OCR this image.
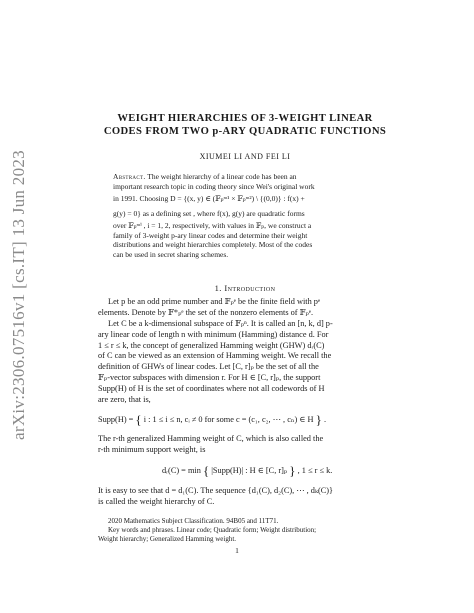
arXiv:2306.07516v1 [cs.IT] 13 Jun 2023
WEIGHT HIERARCHIES OF 3-WEIGHT LINEAR
CODES FROM TWO p-ARY QUADRATIC FUNCTIONS
XIUMEI LI AND FEI LI
Abstract. The weight hierarchy of a linear code has been an
important research topic in coding theory since Wei's original work
in 1991. Choosing D = {(x, y) ∈ (𝔽ₚᵐ¹ × 𝔽ₚᵐ²) \ {(0,0)} : f(x) +
g(y) = 0} as a defining set , where f(x), g(y) are quadratic forms
over 𝔽ₚᵐⁱ , i = 1, 2, respectively, with values in 𝔽ₚ, we construct a
family of 3-weight p-ary linear codes and determine their weight
distributions and weight hierarchies completely. Most of the codes
can be used in secret sharing schemes.
1. Introduction
Let p be an odd prime number and 𝔽ₚᵉ be the finite field with pᵉ
elements. Denote by 𝔽*ₚᵉ the set of the nonzero elements of 𝔽ₚᵉ.
Let C be a k-dimensional subspace of 𝔽ₚⁿ. It is called an [n, k, d] p-
ary linear code of length n with minimum (Hamming) distance d. For
1 ≤ r ≤ k, the concept of generalized Hamming weight (GHW) dᵣ(C)
of C can be viewed as an extension of Hamming weight. We recall the
definition of GHWs of linear codes. Let [C, r]ₚ be the set of all the
𝔽ₚ-vector subspaces with dimension r. For H ∈ [C, r]ₚ, the support
Supp(H) of H is the set of coordinates where not all codewords of H
are zero, that is,
Supp(H) = { i : 1 ≤ i ≤ n, cᵢ ≠ 0 for some c = (c₁, c₂, ⋯ , cₙ) ∈ H } .
The r-th generalized Hamming weight of C, which is also called the
r-th minimum support weight, is
dᵣ(C) = min { |Supp(H)| : H ∈ [C, r]ₚ } , 1 ≤ r ≤ k.
It is easy to see that d = d₁(C). The sequence {d₁(C), d₂(C), ⋯ , dₖ(C)}
is called the weight hierarchy of C.
2020 Mathematics Subject Classification. 94B05 and 11T71.
Key words and phrases. Linear code; Quadratic form; Weight distribution;
Weight hierarchy; Generalized Hamming weight.
1
